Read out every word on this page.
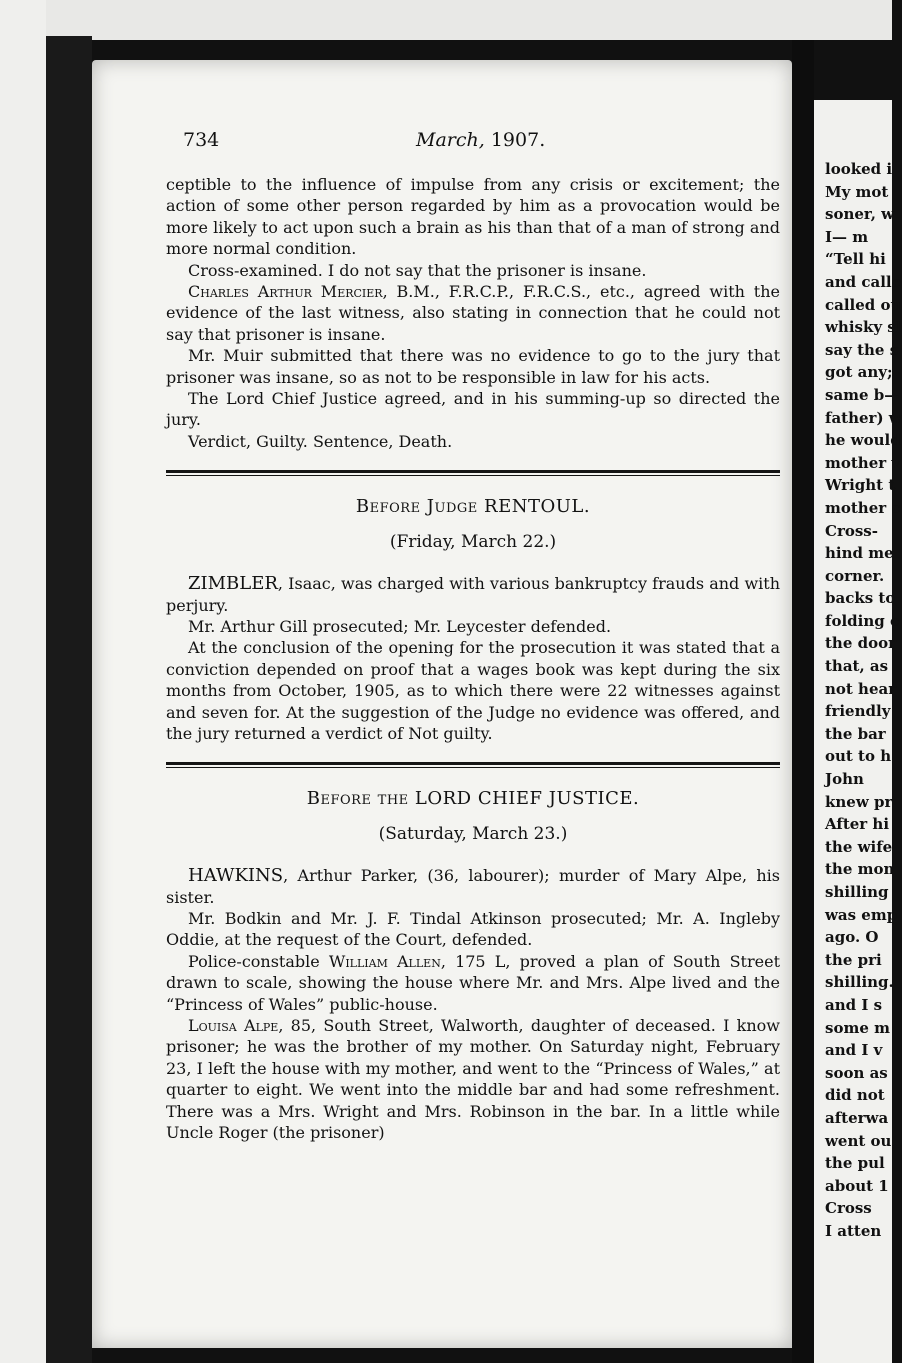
looked i
My mot
soner, w
I— m
“Tell hi
and calle
called ou
whisky sl
say the s
got any;
same b—
father) w
he would
mother v
Wright t
mother c
Cross-
hind me
corner.
backs to
folding c
the door
that, as
not hear
friendly
the bar
out to h
John
knew pr
After hi
the wife
the mon
shilling
was emp
ago. O
the pri
shilling.
and I s
some m
and I v
soon as
did not
afterwa
went ou
the pul
about 1
Cross
I atten
734	March, 1907.

ceptible to the influence of impulse from any crisis or excitement; the action of some other person regarded by him as a provocation would be more likely to act upon such a brain as his than that of a man of strong and more normal condition.

Cross-examined. I do not say that the prisoner is insane.

Charles Arthur Mercier, B.M., F.R.C.P., F.R.C.S., etc., agreed with the evidence of the last witness, also stating in connection that he could not say that prisoner is insane.

Mr. Muir submitted that there was no evidence to go to the jury that prisoner was insane, so as not to be responsible in law for his acts.

The Lord Chief Justice agreed, and in his summing-up so directed the jury.

Verdict, Guilty. Sentence, Death.

Before Judge RENTOUL.
(Friday, March 22.)

ZIMBLER, Isaac, was charged with various bankruptcy frauds and with perjury.

Mr. Arthur Gill prosecuted; Mr. Leycester defended.

At the conclusion of the opening for the prosecution it was stated that a conviction depended on proof that a wages book was kept during the six months from October, 1905, as to which there were 22 witnesses against and seven for. At the suggestion of the Judge no evidence was offered, and the jury returned a verdict of Not guilty.

Before the LORD CHIEF JUSTICE.
(Saturday, March 23.)

HAWKINS, Arthur Parker, (36, labourer); murder of Mary Alpe, his sister.

Mr. Bodkin and Mr. J. F. Tindal Atkinson prosecuted; Mr. A. Ingleby Oddie, at the request of the Court, defended.

Police-constable William Allen, 175 L, proved a plan of South Street drawn to scale, showing the house where Mr. and Mrs. Alpe lived and the “Princess of Wales” public-house.

Louisa Alpe, 85, South Street, Walworth, daughter of deceased. I know prisoner; he was the brother of my mother. On Saturday night, February 23, I left the house with my mother, and went to the “Princess of Wales,” at quarter to eight. We went into the middle bar and had some refreshment. There was a Mrs. Wright and Mrs. Robinson in the bar. In a little while Uncle Roger (the prisoner)
